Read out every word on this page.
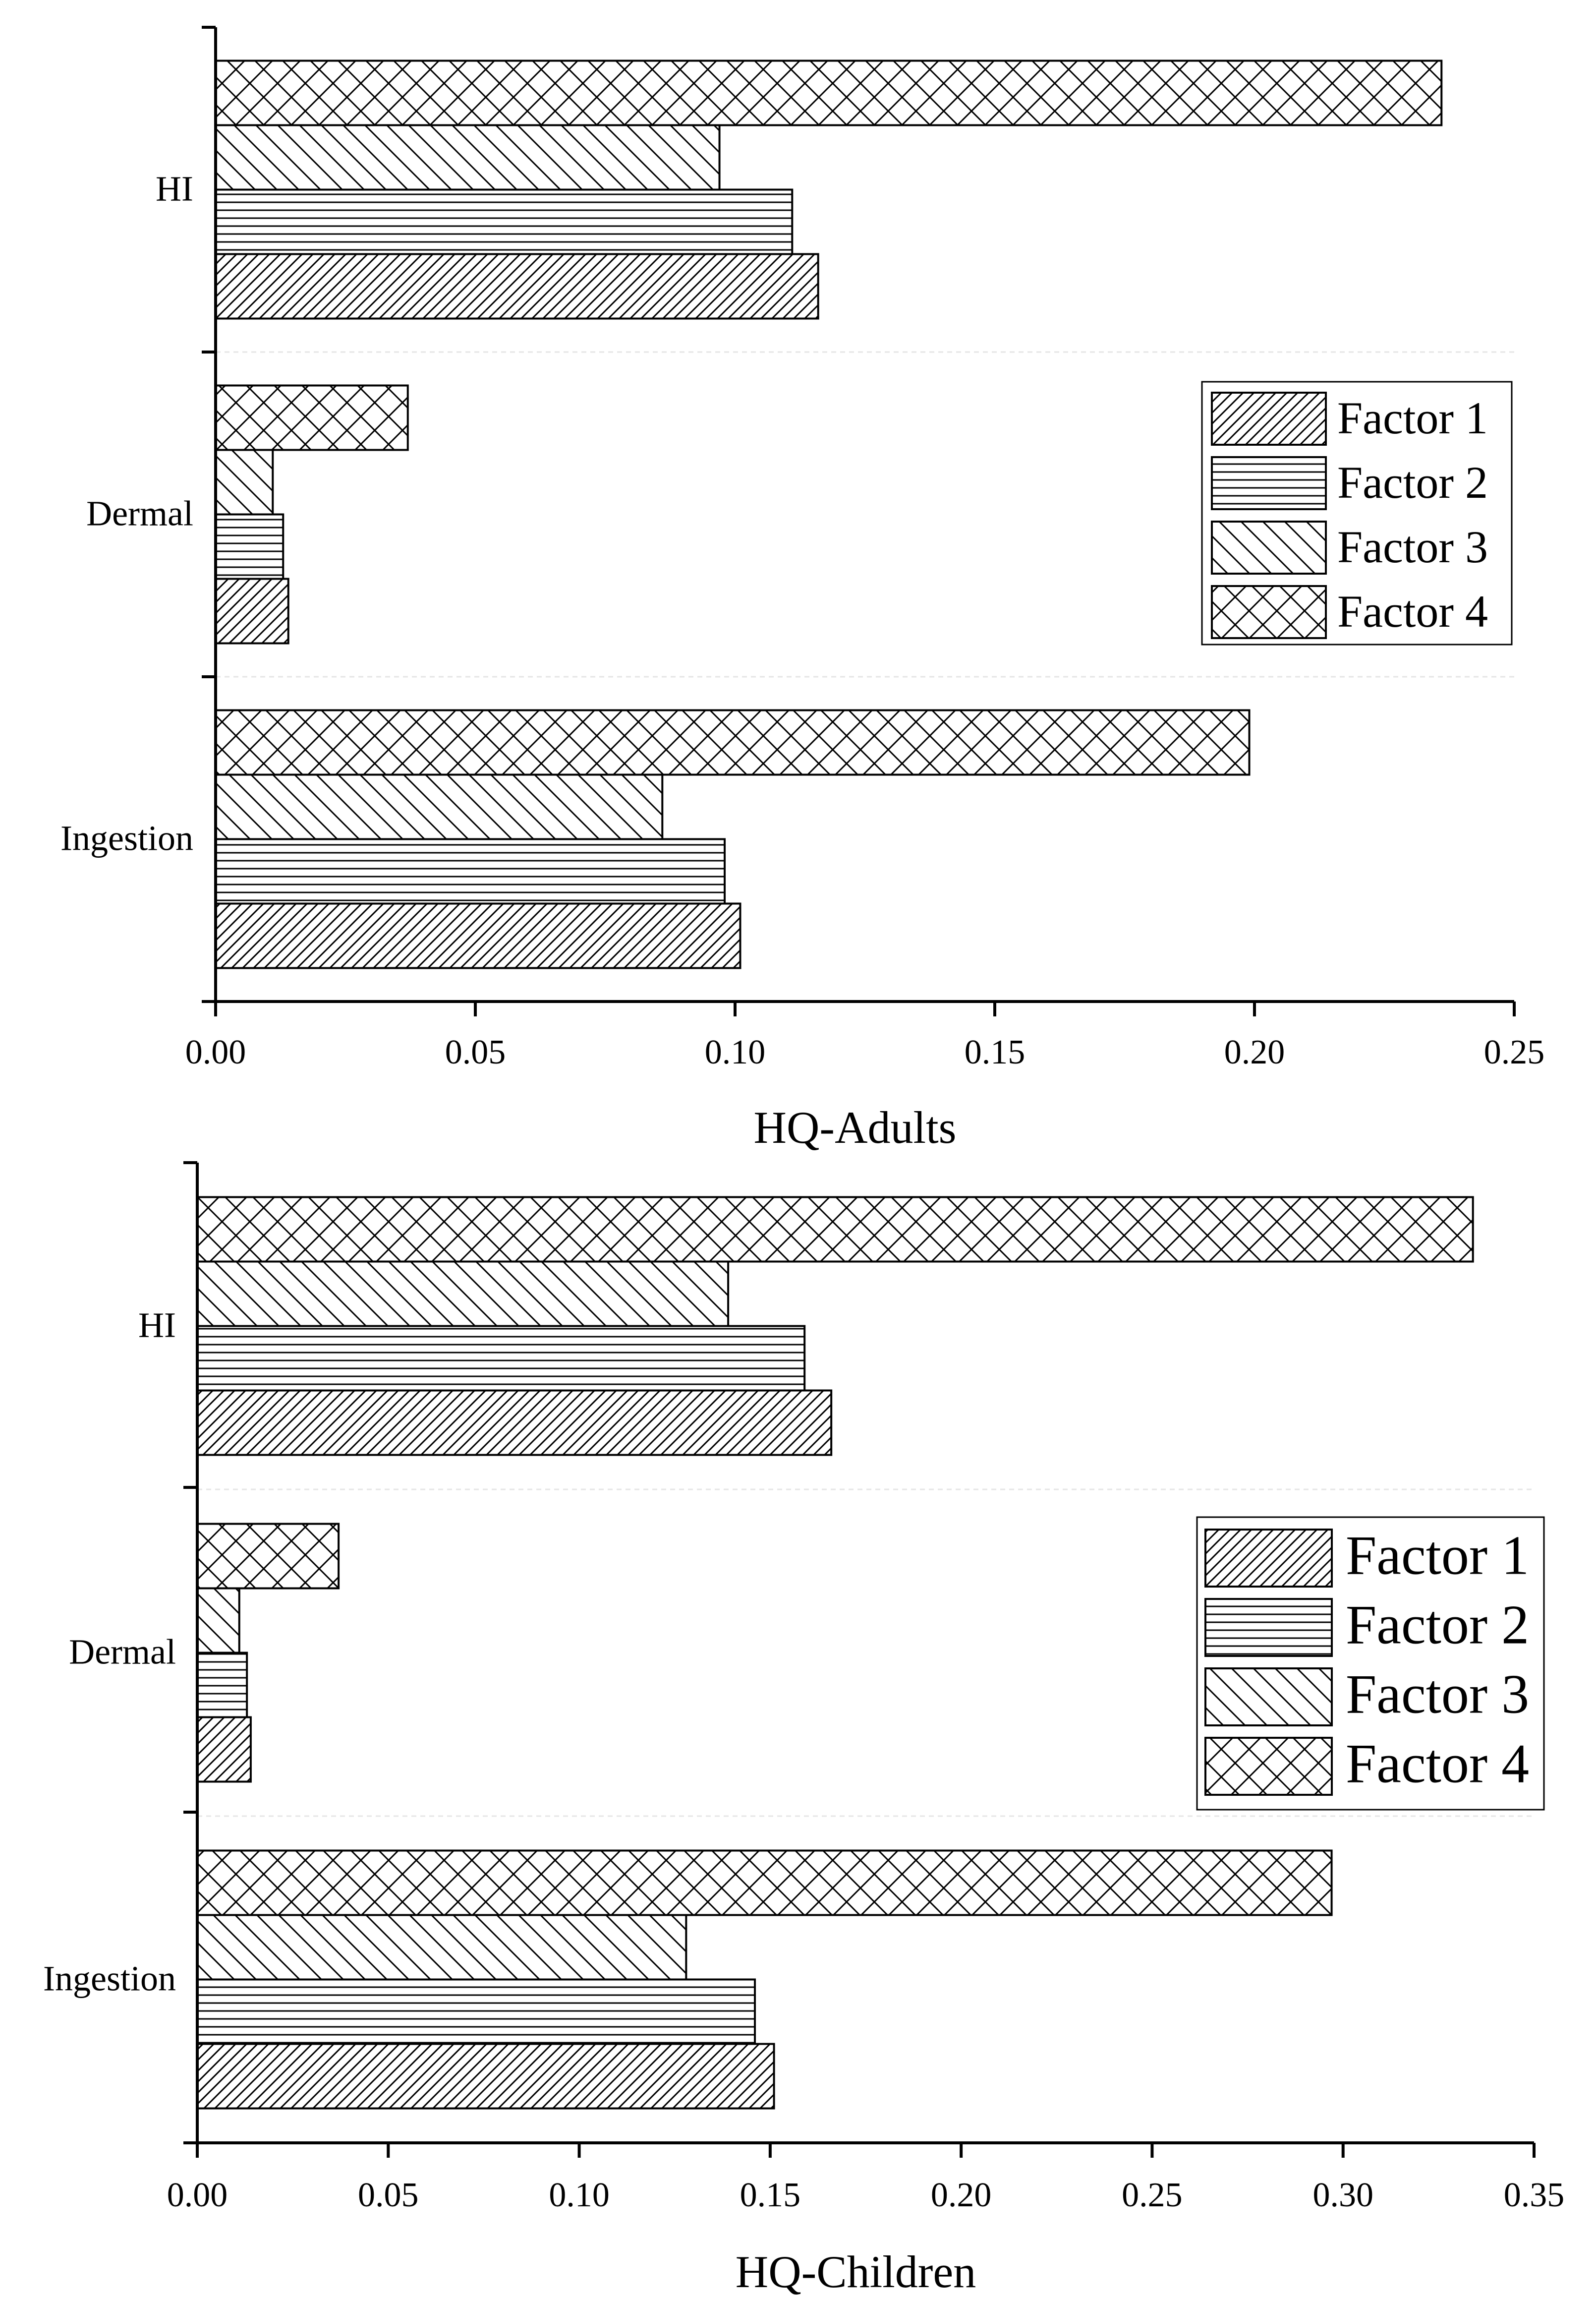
Ingestion
Dermal
HI
0.00	0.05	0.10	0.15	0.20	0.25
HQ-Adults
Factor 1
Factor 2
Factor 3
Factor 4
Ingestion
Dermal
HI
0.00	0.05	0.10	0.15	0.20	0.25	0.30	0.35
HQ-Children
Factor 1
Factor 2
Factor 3
Factor 4
